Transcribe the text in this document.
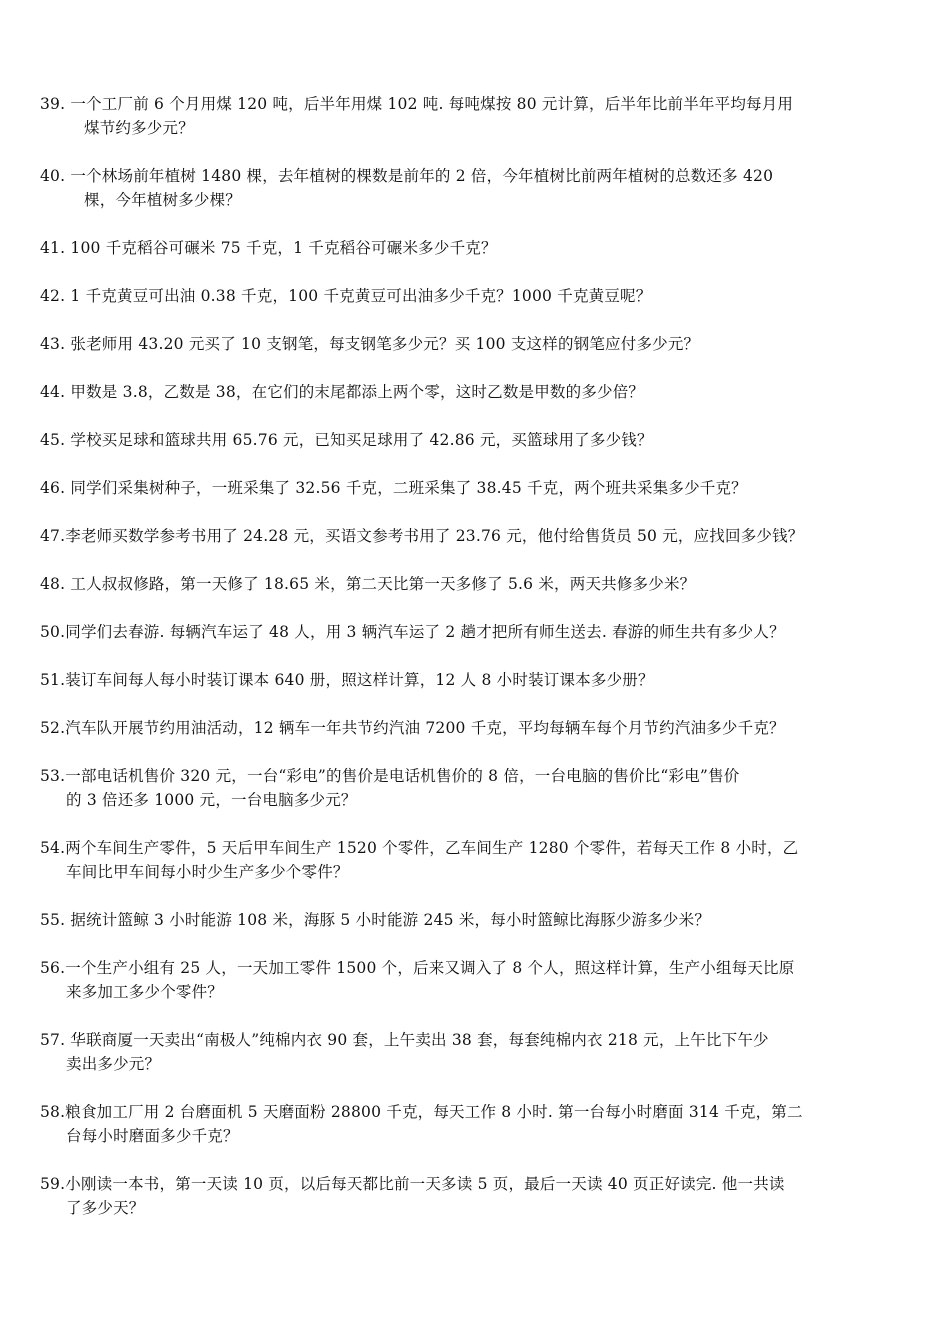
39. 一个工厂前 6 个月用煤 120 吨，后半年用煤 102 吨. 每吨煤按 80 元计算，后半年比前半年平均每月用
煤节约多少元？
40. 一个林场前年植树 1480 棵，去年植树的棵数是前年的 2 倍，今年植树比前两年植树的总数还多 420
棵，今年植树多少棵？
41. 100 千克稻谷可碾米 75 千克，1 千克稻谷可碾米多少千克？
42. 1 千克黄豆可出油 0.38 千克，100 千克黄豆可出油多少千克？1000 千克黄豆呢？
43. 张老师用 43.20 元买了 10 支钢笔，每支钢笔多少元？买 100 支这样的钢笔应付多少元？
44. 甲数是 3.8，乙数是 38，在它们的末尾都添上两个零，这时乙数是甲数的多少倍？
45. 学校买足球和篮球共用 65.76 元，已知买足球用了 42.86 元，买篮球用了多少钱？
46. 同学们采集树种子，一班采集了 32.56 千克，二班采集了 38.45 千克，两个班共采集多少千克？
47.李老师买数学参考书用了 24.28 元，买语文参考书用了 23.76 元，他付给售货员 50 元，应找回多少钱？
48. 工人叔叔修路，第一天修了 18.65 米，第二天比第一天多修了 5.6 米，两天共修多少米？
50.同学们去春游. 每辆汽车运了 48 人，用 3 辆汽车运了 2 趟才把所有师生送去. 春游的师生共有多少人？
51.装订车间每人每小时装订课本 640 册，照这样计算，12 人 8 小时装订课本多少册？
52.汽车队开展节约用油活动，12 辆车一年共节约汽油 7200 千克，平均每辆车每个月节约汽油多少千克？
53.一部电话机售价 320 元，一台“彩电”的售价是电话机售价的 8 倍，一台电脑的售价比“彩电”售价
的 3 倍还多 1000 元，一台电脑多少元？
54.两个车间生产零件，5 天后甲车间生产 1520 个零件，乙车间生产 1280 个零件，若每天工作 8 小时，乙
车间比甲车间每小时少生产多少个零件？
55. 据统计篮鲸 3 小时能游 108 米，海豚 5 小时能游 245 米，每小时篮鲸比海豚少游多少米？
56.一个生产小组有 25 人，一天加工零件 1500 个，后来又调入了 8 个人，照这样计算，生产小组每天比原
来多加工多少个零件？
57. 华联商厦一天卖出“南极人”纯棉内衣 90 套，上午卖出 38 套，每套纯棉内衣 218 元，上午比下午少
卖出多少元？
58.粮食加工厂用 2 台磨面机 5 天磨面粉 28800 千克，每天工作 8 小时. 第一台每小时磨面 314 千克，第二
台每小时磨面多少千克？
59.小刚读一本书，第一天读 10 页，以后每天都比前一天多读 5 页，最后一天读 40 页正好读完. 他一共读
了多少天？
